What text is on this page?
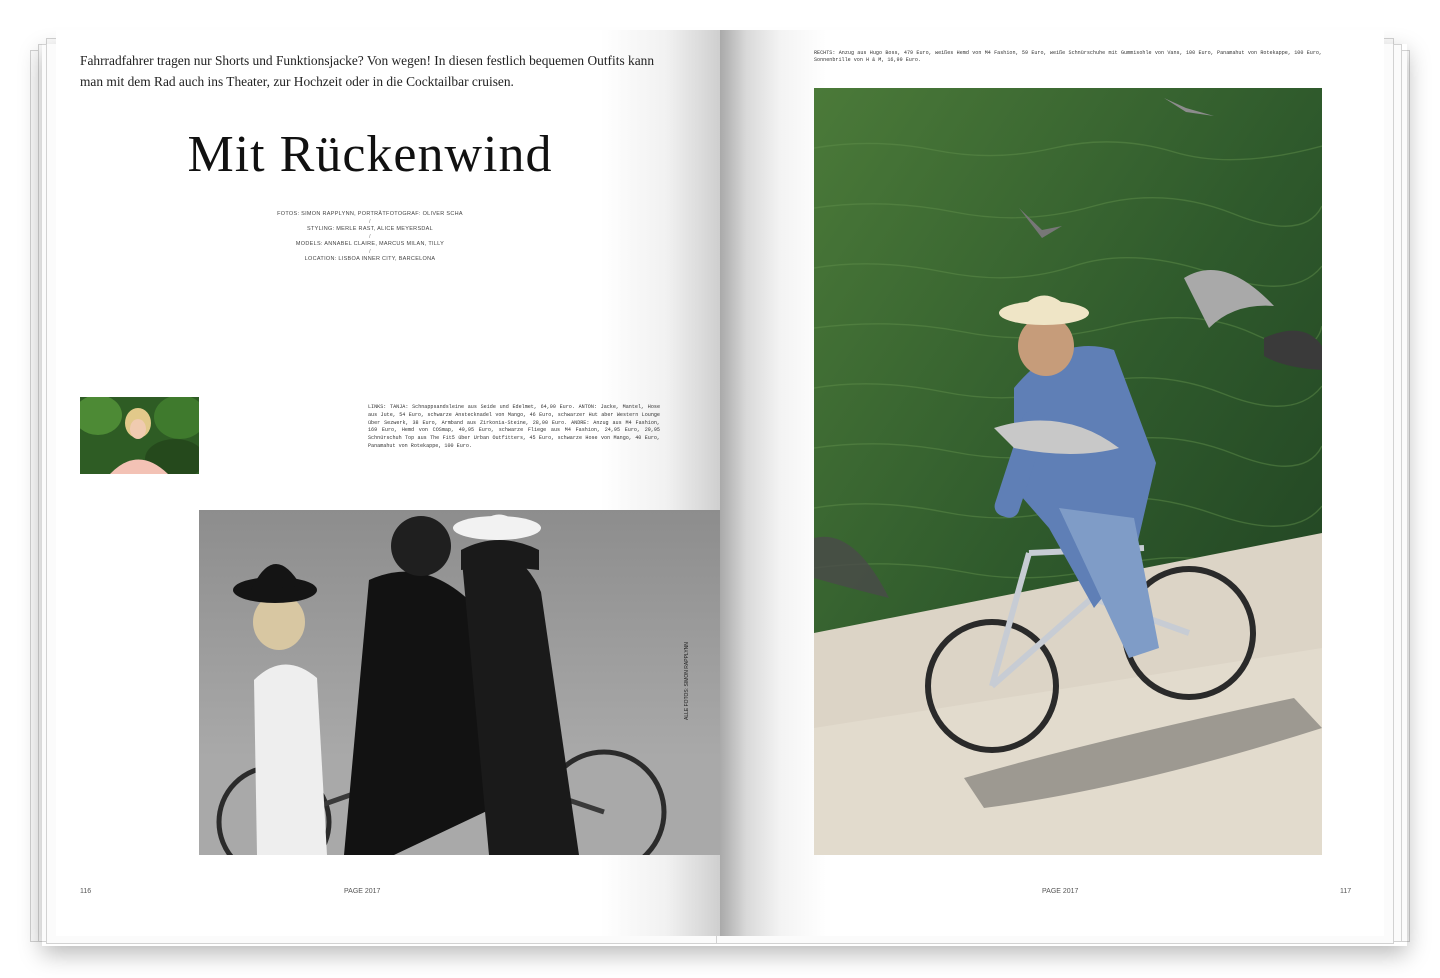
Fahrradfahrer tragen nur Shorts und Funktionsjacke? Von wegen! In diesen festlich bequemen Outfits kann man mit dem Rad auch ins Theater, zur Hochzeit oder in die Cocktailbar cruisen.

Mit Rückenwind
FOTOS: SIMON RAPPLYNN, PORTRÄTFOTOGRAF: OLIVER SCHA
/
STYLING: MERLE RAST, ALICE MEYERSDAL
/
MODELS: ANNABEL CLAIRE, MARCUS MILAN, TILLY
/
LOCATION: LISBOA INNER CITY, BARCELONA

LINKS: TANJA: Schnappsandsleine aus Seide und Edelmet, 64,00 Euro. ANTON: Jacke, Mantel, Hose aus Jute, 54 Euro, schwarze Anstecknadel von Mango, 46 Euro, schwarzer Hut aber Western Lounge über Sezwerk, 38 Euro, Armband aus Zirkonia-Steine, 28,00 Euro. ANDRE: Anzug aus M4 Fashion, 169 Euro, Hemd von COSmap, 49,95 Euro, schwarze Fliege aus M4 Fashion, 24,95 Euro, 29,95 Schnürschuh Top aus The Fit5 über Urban Outfitters, 45 Euro, schwarze Hose von Mango, 40 Euro, Panamahut von Rotekappe, 100 Euro.

ALLE FOTOS: SIMON RAPPLYNN
116	PAGE 2017

RECHTS: Anzug aus Hugo Boss, 479 Euro, weißes Hemd von M4 Fashion, 59 Euro, weiße Schnürschuhe mit Gummisohle von Vans, 100 Euro, Panamahut von Rotekappe, 100 Euro, Sonnenbrille von H & M, 16,99 Euro.

PAGE 2017	117
